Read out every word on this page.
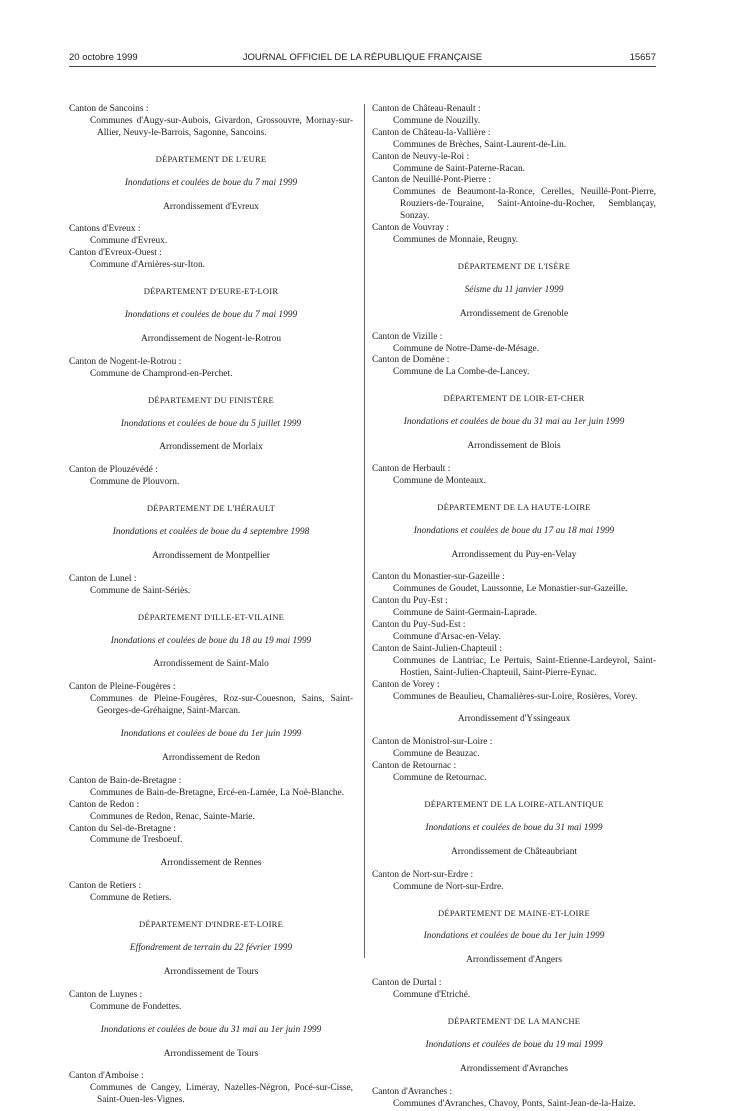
20 octobre 1999	JOURNAL OFFICIEL DE LA RÉPUBLIQUE FRANÇAISE	15657
Canton de Sancoins :
Communes d'Augy-sur-Aubois, Givardon, Grossouvre, Mornay-sur-Allier, Neuvy-le-Barrois, Sagonne, Sancoins.
DÉPARTEMENT DE L'EURE
Inondations et coulées de boue du 7 mai 1999
Arrondissement d'Evreux
Cantons d'Evreux :
Commune d'Evreux.
Canton d'Evreux-Ouest :
Commune d'Arnières-sur-Iton.
DÉPARTEMENT D'EURE-ET-LOIR
Inondations et coulées de boue du 7 mai 1999
Arrondissement de Nogent-le-Rotrou
Canton de Nogent-le-Rotrou :
Commune de Champrond-en-Perchet.
DÉPARTEMENT DU FINISTÈRE
Inondations et coulées de boue du 5 juillet 1999
Arrondissement de Morlaix
Canton de Plouzévédé :
Commune de Plouvorn.
DÉPARTEMENT DE L'HÉRAULT
Inondations et coulées de boue du 4 septembre 1998
Arrondissement de Montpellier
Canton de Lunel :
Commune de Saint-Sériès.
DÉPARTEMENT D'ILLE-ET-VILAINE
Inondations et coulées de boue du 18 au 19 mai 1999
Arrondissement de Saint-Malo
Canton de Pleine-Fougères :
Communes de Pleine-Fougères, Roz-sur-Couesnon, Sains, Saint-Georges-de-Gréhaigne, Saint-Marcan.
Inondations et coulées de boue du 1er juin 1999
Arrondissement de Redon
Canton de Bain-de-Bretagne :
Communes de Bain-de-Bretagne, Ercé-en-Lamée, La Noë-Blanche.
Canton de Redon :
Communes de Redon, Renac, Sainte-Marie.
Canton du Sel-de-Bretagne :
Commune de Tresboeuf.
Arrondissement de Rennes
Canton de Retiers :
Commune de Retiers.
DÉPARTEMENT D'INDRE-ET-LOIRE
Effondrement de terrain du 22 février 1999
Arrondissement de Tours
Canton de Luynes :
Commune de Fondettes.
Inondations et coulées de boue du 31 mai au 1er juin 1999
Arrondissement de Tours
Canton d'Amboise :
Communes de Cangey, Limeray, Nazelles-Négron, Pocé-sur-Cisse, Saint-Ouen-les-Vignes.
Canton de Château-Renault :
Commune de Nouzilly.
Canton de Château-la-Vallière :
Communes de Brèches, Saint-Laurent-de-Lin.
Canton de Neuvy-le-Roi :
Commune de Saint-Paterne-Racan.
Canton de Neuillé-Pont-Pierre :
Communes de Beaumont-la-Ronce, Cerelles, Neuillé-Pont-Pierre, Rouziers-de-Touraine, Saint-Antoine-du-Rocher, Semblançay, Sonzay.
Canton de Vouvray :
Communes de Monnaie, Reugny.
DÉPARTEMENT DE L'ISÈRE
Séisme du 11 janvier 1999
Arrondissement de Grenoble
Canton de Vizille :
Commune de Notre-Dame-de-Mésage.
Canton de Domène :
Commune de La Combe-de-Lancey.
DÉPARTEMENT DE LOIR-ET-CHER
Inondations et coulées de boue du 31 mai au 1er juin 1999
Arrondissement de Blois
Canton de Herbault :
Commune de Monteaux.
DÉPARTEMENT DE LA HAUTE-LOIRE
Inondations et coulées de boue du 17 au 18 mai 1999
Arrondissement du Puy-en-Velay
Canton du Monastier-sur-Gazeille :
Communes de Goudet, Laussonne, Le Monastier-sur-Gazeille.
Canton du Puy-Est :
Commune de Saint-Germain-Laprade.
Canton du Puy-Sud-Est :
Commune d'Arsac-en-Velay.
Canton de Saint-Julien-Chapteuil :
Communes de Lantriac, Le Pertuis, Saint-Etienne-Lardeyrol, Saint-Hostien, Saint-Julien-Chapteuil, Saint-Pierre-Eynac.
Canton de Vorey :
Communes de Beaulieu, Chamalières-sur-Loire, Rosières, Vorey.
Arrondissement d'Yssingeaux
Canton de Monistrol-sur-Loire :
Commune de Beauzac.
Canton de Retournac :
Commune de Retournac.
DÉPARTEMENT DE LA LOIRE-ATLANTIQUE
Inondations et coulées de boue du 31 mai 1999
Arrondissement de Châteaubriant
Canton de Nort-sur-Erdre :
Commune de Nort-sur-Erdre.
DÉPARTEMENT DE MAINE-ET-LOIRE
Inondations et coulées de boue du 1er juin 1999
Arrondissement d'Angers
Canton de Durtal :
Commune d'Etriché.
DÉPARTEMENT DE LA MANCHE
Inondations et coulées de boue du 19 mai 1999
Arrondissement d'Avranches
Canton d'Avranches :
Communes d'Avranches, Chavoy, Ponts, Saint-Jean-de-la-Haize.
